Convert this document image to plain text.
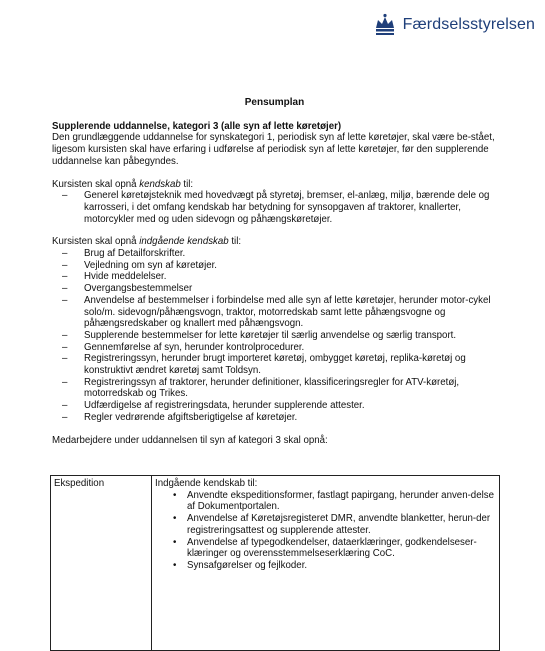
Færdselsstyrelsen

Pensumplan

Supplerende uddannelse, kategori 3 (alle syn af lette køretøjer)

Den grundlæggende uddannelse for synskategori 1, periodisk syn af lette køretøjer, skal være be-stået, ligesom kursisten skal have erfaring i udførelse af periodisk syn af lette køretøjer, før den supplerende uddannelse kan påbegyndes.

Kursisten skal opnå kendskab til:

– Generel køretøjsteknik med hovedvægt på styretøj, bremser, el-anlæg, miljø, bærende dele og karrosseri, i det omfang kendskab har betydning for synsopgaven af traktorer, knallerter, motorcykler med og uden sidevogn og påhængskøretøjer.

Kursisten skal opnå indgående kendskab til:

– Brug af Detailforskrifter.
– Vejledning om syn af køretøjer.
– Hvide meddelelser.
– Overgangsbestemmelser
– Anvendelse af bestemmelser i forbindelse med alle syn af lette køretøjer, herunder motor-cykel solo/m. sidevogn/påhængsvogn, traktor, motorredskab samt lette påhængsvogne og påhængsredskaber og knallert med påhængsvogn.
– Supplerende bestemmelser for lette køretøjer til særlig anvendelse og særlig transport.
– Gennemførelse af syn, herunder kontrolprocedurer.
– Registreringssyn, herunder brugt importeret køretøj, ombygget køretøj, replika-køretøj og konstruktivt ændret køretøj samt Toldsyn.
– Registreringssyn af traktorer, herunder definitioner, klassificeringsregler for ATV-køretøj, motorredskab og Trikes.
– Udfærdigelse af registreringsdata, herunder supplerende attester.
– Regler vedrørende afgiftsberigtigelse af køretøjer.

Medarbejdere under uddannelsen til syn af kategori 3 skal opnå:

Ekspedition	Indgående kendskab til:
• Anvendte ekspeditionsformer, fastlagt papirgang, herunder anven-delse af Dokumentportalen.
• Anvendelse af Køretøjsregisteret DMR, anvendte blanketter, herun-der registreringsattest og supplerende attester.
• Anvendelse af typegodkendelser, dataerklæringer, godkendelseser-klæringer og overensstemmelseserklæring CoC.
• Synsafgørelser og fejlkoder.
